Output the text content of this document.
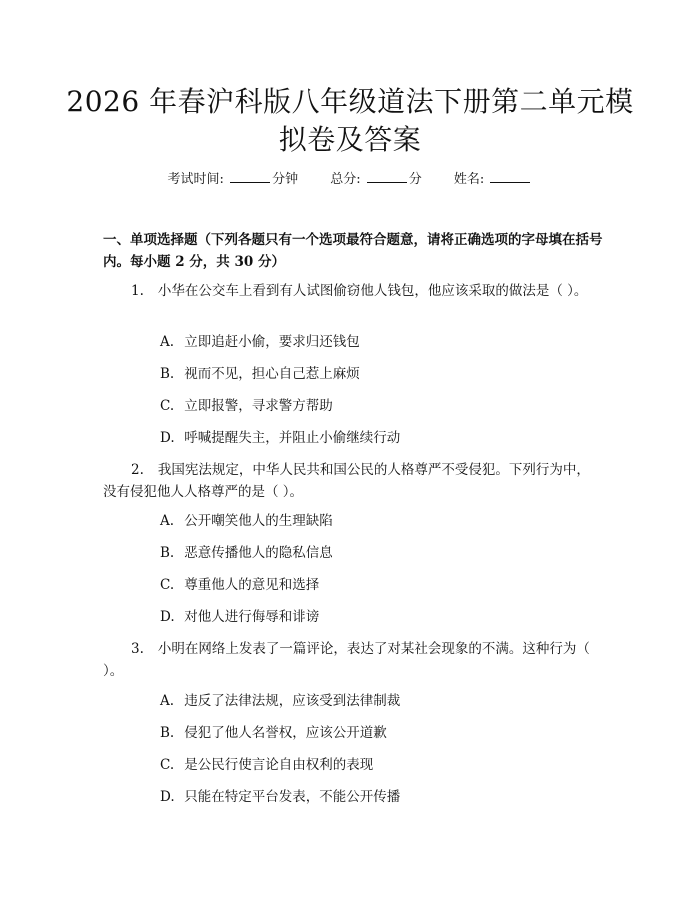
2026 年春沪科版八年级道法下册第二单元模
拟卷及答案
考试时间:	分钟 总分:	分 姓名:
一、单项选择题（下列各题只有一个选项最符合题意，请将正确选项的字母填在括号内。每小题 2 分，共 30 分）
1. 小华在公交车上看到有人试图偷窃他人钱包，他应该采取的做法是（ ）。
A. 立即追赶小偷，要求归还钱包
B. 视而不见，担心自己惹上麻烦
C. 立即报警，寻求警方帮助
D. 呼喊提醒失主，并阻止小偷继续行动
2. 我国宪法规定，中华人民共和国公民的人格尊严不受侵犯。下列行为中，没有侵犯他人人格尊严的是（ ）。
A. 公开嘲笑他人的生理缺陷
B. 恶意传播他人的隐私信息
C. 尊重他人的意见和选择
D. 对他人进行侮辱和诽谤
3. 小明在网络上发表了一篇评论，表达了对某社会现象的不满。这种行为（ ）。
A. 违反了法律法规，应该受到法律制裁
B. 侵犯了他人名誉权，应该公开道歉
C. 是公民行使言论自由权利的表现
D. 只能在特定平台发表，不能公开传播
